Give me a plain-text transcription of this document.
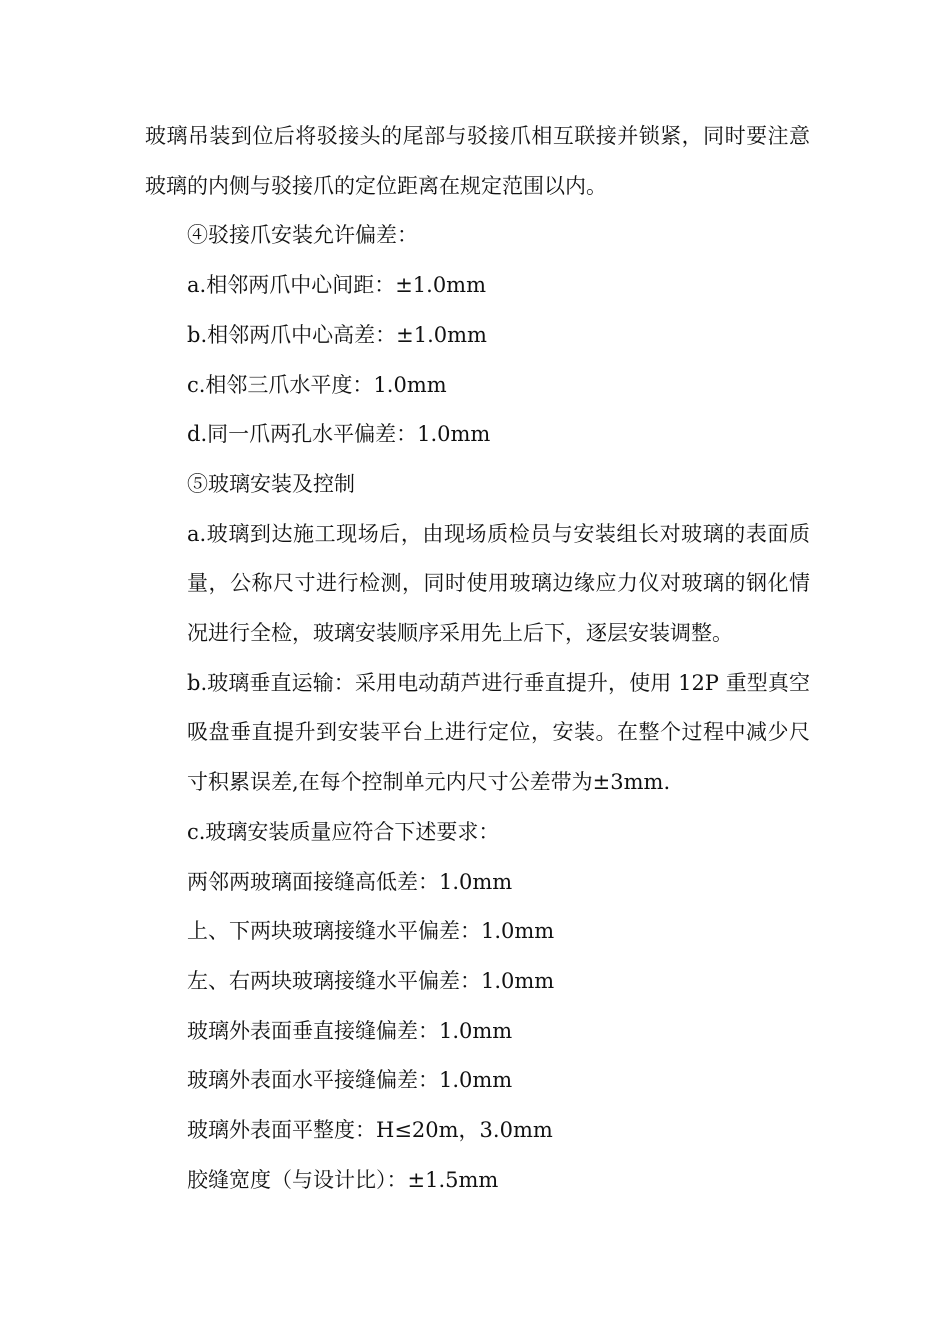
玻璃吊装到位后将驳接头的尾部与驳接爪相互联接并锁紧，同时要注意玻璃的内侧与驳接爪的定位距离在规定范围以内。

④驳接爪安装允许偏差：

a.相邻两爪中心间距：±1.0mm

b.相邻两爪中心高差：±1.0mm

c.相邻三爪水平度：1.0mm

d.同一爪两孔水平偏差：1.0mm

⑤玻璃安装及控制

a.玻璃到达施工现场后，由现场质检员与安装组长对玻璃的表面质量，公称尺寸进行检测，同时使用玻璃边缘应力仪对玻璃的钢化情况进行全检，玻璃安装顺序采用先上后下，逐层安装调整。

b.玻璃垂直运输：采用电动葫芦进行垂直提升，使用 12P 重型真空吸盘垂直提升到安装平台上进行定位，安装。在整个过程中减少尺寸积累误差,在每个控制单元内尺寸公差带为±3mm.

c.玻璃安装质量应符合下述要求：

两邻两玻璃面接缝高低差：1.0mm

上、下两块玻璃接缝水平偏差：1.0mm

左、右两块玻璃接缝水平偏差：1.0mm

玻璃外表面垂直接缝偏差：1.0mm

玻璃外表面水平接缝偏差：1.0mm

玻璃外表面平整度：H≤20m，3.0mm

胶缝宽度（与设计比）：±1.5mm
